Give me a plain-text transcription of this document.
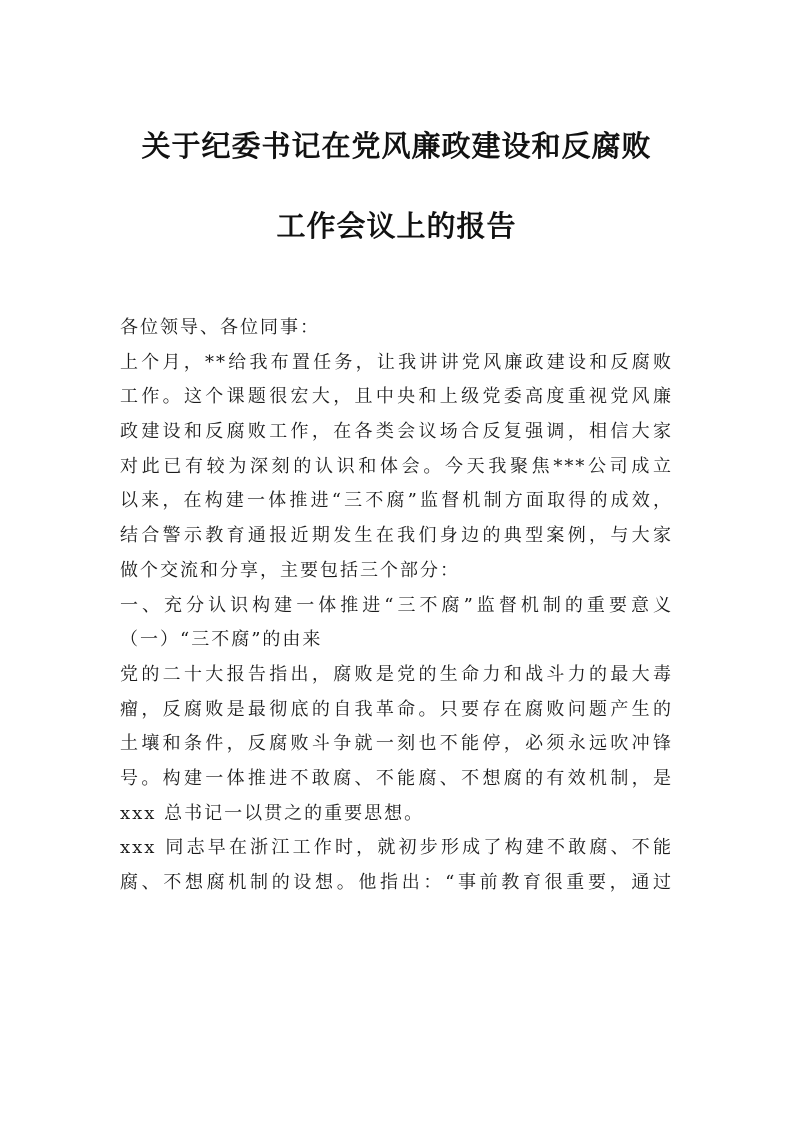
关于纪委书记在党风廉政建设和反腐败
工作会议上的报告
各位领导、各位同事：
上个月，**给我布置任务，让我讲讲党风廉政建设和反腐败
工作。这个课题很宏大，且中央和上级党委高度重视党风廉
政建设和反腐败工作，在各类会议场合反复强调，相信大家
对此已有较为深刻的认识和体会。今天我聚焦***公司成立
以来，在构建一体推进“三不腐”监督机制方面取得的成效，
结合警示教育通报近期发生在我们身边的典型案例，与大家
做个交流和分享，主要包括三个部分：
一、充分认识构建一体推进“三不腐”监督机制的重要意义
（一）“三不腐”的由来
党的二十大报告指出，腐败是党的生命力和战斗力的最大毒
瘤，反腐败是最彻底的自我革命。只要存在腐败问题产生的
土壤和条件，反腐败斗争就一刻也不能停，必须永远吹冲锋
号。构建一体推进不敢腐、不能腐、不想腐的有效机制，是
xxx 总书记一以贯之的重要思想。
xxx 同志早在浙江工作时，就初步形成了构建不敢腐、不能
腐、不想腐机制的设想。他指出：“事前教育很重要，通过
